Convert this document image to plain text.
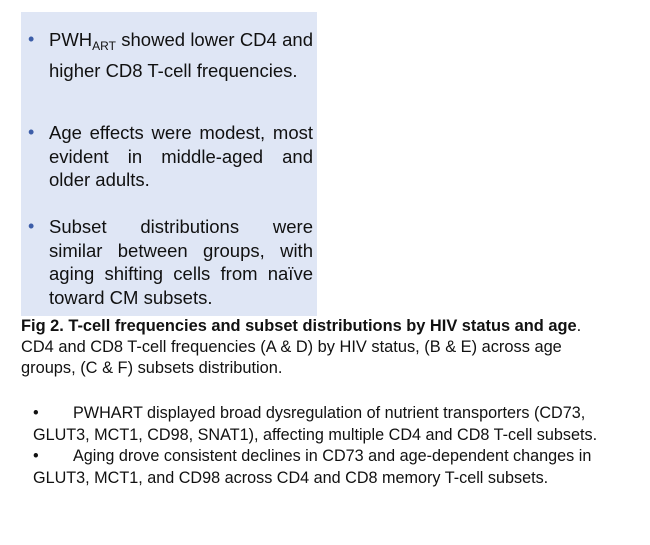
• $PWH_{ART}$ showed lower CD4 and higher CD8 T-cell frequencies.
• Age effects were modest, most evident in middle-aged and older adults.
• Subset distributions were similar between groups, with aging shifting cells from naïve toward CM subsets.
Fig 2. T-cell frequencies and subset distributions by HIV status and age. CD4 and CD8 T-cell frequencies (A & D) by HIV status, (B & E) across age groups, (C & F) subsets distribution.

• PWHART displayed broad dysregulation of nutrient transporters (CD73, GLUT3, MCT1, CD98, SNAT1), affecting multiple CD4 and CD8 T-cell subsets.

• Aging drove consistent declines in CD73 and age-dependent changes in GLUT3, MCT1, and CD98 across CD4 and CD8 memory T-cell subsets.
